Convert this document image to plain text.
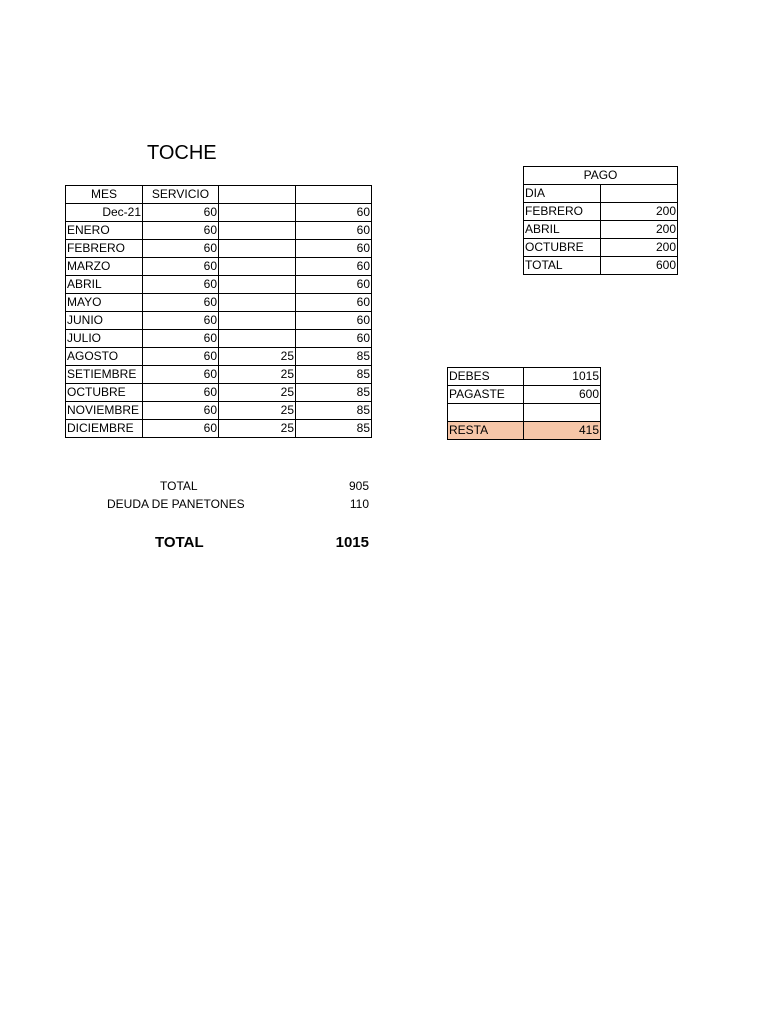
TOCHE
MES	SERVICIO		
Dec-21	60		60
ENERO	60		60
FEBRERO	60		60
MARZO	60		60
ABRIL	60		60
MAYO	60		60
JUNIO	60		60
JULIO	60		60
AGOSTO	60	25	85
SETIEMBRE	60	25	85
OCTUBRE	60	25	85
NOVIEMBRE	60	25	85
DICIEMBRE	60	25	85
TOTAL	905
DEUDA DE PANETONES	110
TOTAL	1015
PAGO	
DIA	
FEBRERO	200
ABRIL	200
OCTUBRE	200
TOTAL	600
DEBES	1015
PAGASTE	600

RESTA	415
